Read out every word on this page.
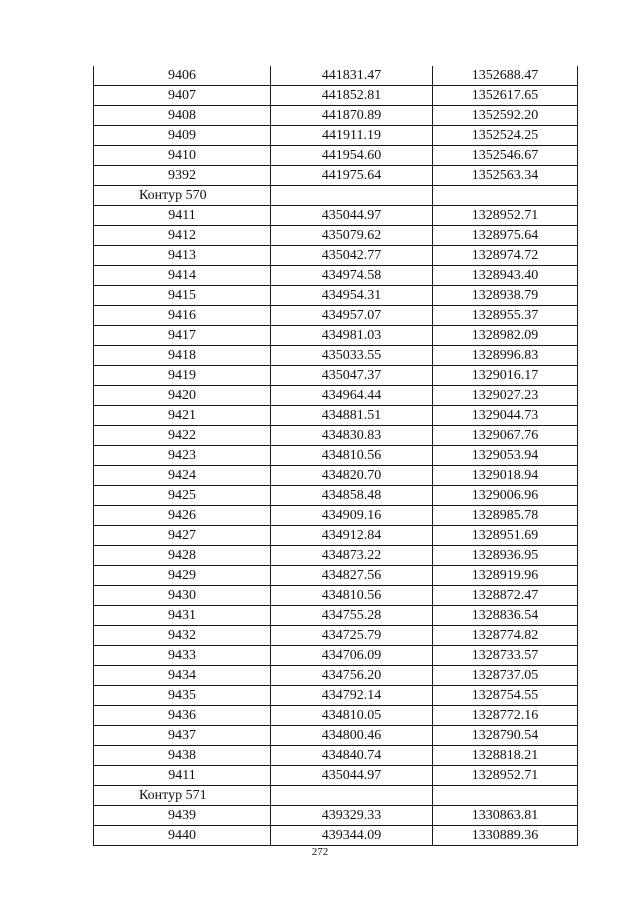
9406	441831.47	1352688.47
9407	441852.81	1352617.65
9408	441870.89	1352592.20
9409	441911.19	1352524.25
9410	441954.60	1352546.67
9392	441975.64	1352563.34
Контур 570		
9411	435044.97	1328952.71
9412	435079.62	1328975.64
9413	435042.77	1328974.72
9414	434974.58	1328943.40
9415	434954.31	1328938.79
9416	434957.07	1328955.37
9417	434981.03	1328982.09
9418	435033.55	1328996.83
9419	435047.37	1329016.17
9420	434964.44	1329027.23
9421	434881.51	1329044.73
9422	434830.83	1329067.76
9423	434810.56	1329053.94
9424	434820.70	1329018.94
9425	434858.48	1329006.96
9426	434909.16	1328985.78
9427	434912.84	1328951.69
9428	434873.22	1328936.95
9429	434827.56	1328919.96
9430	434810.56	1328872.47
9431	434755.28	1328836.54
9432	434725.79	1328774.82
9433	434706.09	1328733.57
9434	434756.20	1328737.05
9435	434792.14	1328754.55
9436	434810.05	1328772.16
9437	434800.46	1328790.54
9438	434840.74	1328818.21
9411	435044.97	1328952.71
Контур 571		
9439	439329.33	1330863.81
9440	439344.09	1330889.36
272
